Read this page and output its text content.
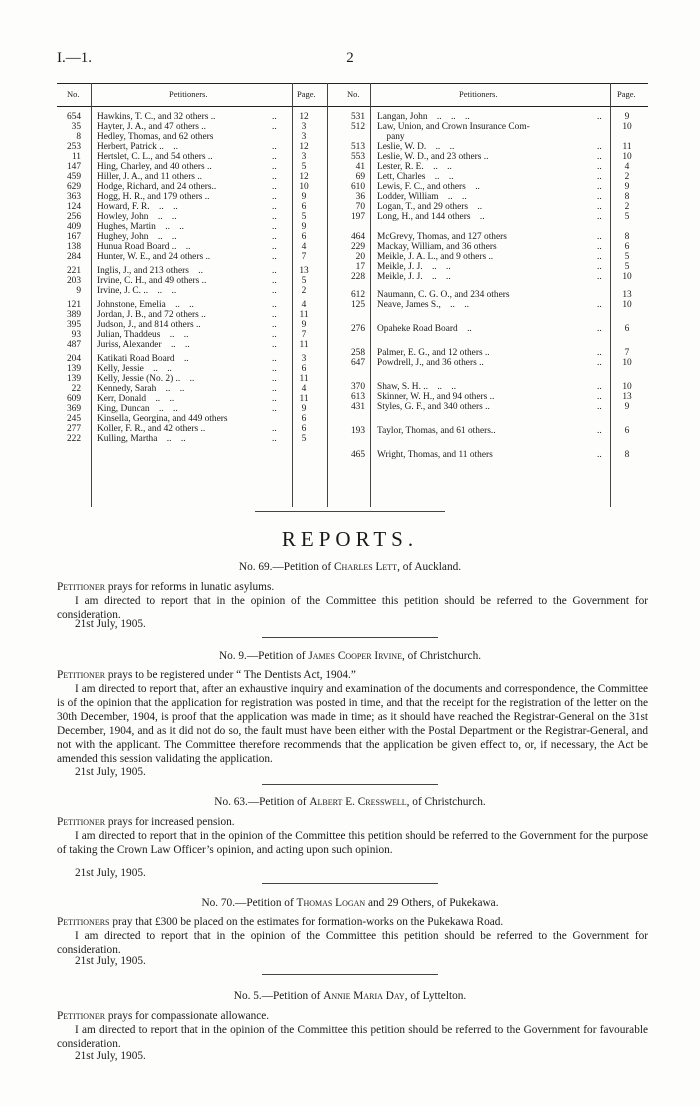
I.—1.	2
No.	Petitioners.	Page.	No.	Petitioners.	Page.
654 Hawkins, T. C., and 32 others ..	..	12
35 Hayter, J. A., and 47 others ..	..	3
8 Hedley, Thomas, and 62 others	3
253 Herbert, Patrick ..    ..	..	12
11 Hertslet, C. L., and 54 others ..	..	3
147 Hing, Charley, and 40 others ..	..	5
459 Hiller, J. A., and 11 others ..	..	12
629 Hodge, Richard, and 24 others..	..	10
363 Hogg, H. R., and 179 others ..	..	9
124 Howard, F. R.    ..    ..	..	6
256 Howley, John    ..    ..	..	5
409 Hughes, Martin    ..    ..	..	9
167 Hughey, John    ..    ..	..	6
138 Hunua Road Board ..    ..	..	4
284 Hunter, W. E., and 24 others ..	..	7
221 Inglis, J., and 213 others    ..	..	13
203 Irvine, C. H., and 49 others ..	..	5
9 Irvine, J. C. ..    ..    ..	..	2
121 Johnstone, Emelia    ..    ..	..	4
389 Jordan, J. B., and 72 others ..	..	11
395 Judson, J., and 814 others ..	..	9
93 Julian, Thaddeus    ..    ..	..	7
487 Juriss, Alexander    ..    ..	..	11
204 Katikati Road Board    ..	..	3
139 Kelly, Jessie    ..    ..	..	6
139 Kelly, Jessie (No. 2) ..    ..	..	11
22 Kennedy, Sarah    ..    ..	..	4
609 Kerr, Donald    ..    ..	..	11
369 King, Duncan    ..    ..	..	9
245 Kinsella, Georgina, and 449 others	6
277 Koller, F. R., and 42 others ..	..	6
222 Kulling, Martha    ..    ..	..	5
531 Langan, John    ..    ..    ..	..	9
512 Law, Union, and Crown Insurance Com-	10
pany
513 Leslie, W. D.    ..    ..	..	11
553 Leslie, W. D., and 23 others ..	..	10
41 Lester, R. E.    ..    ..	..	4
69 Lett, Charles    ..    ..	..	2
610 Lewis, F. C., and others    ..	..	9
36 Lodder, William    ..    ..	..	8
70 Logan, T., and 29 others    ..	..	2
197 Long, H., and 144 others    ..	..	5
464 McGrevy, Thomas, and 127 others	..	8
229 Mackay, William, and 36 others	..	6
20 Meikle, J. A. L., and 9 others ..	..	5
17 Meikle, J. J.    ..    ..	..	5
228 Meikle, J. J.    ..    ..	..	10
612 Naumann, C. G. O., and 234 others	13
125 Neave, James S.,    ..    ..	..	10
276 Opaheke Road Board    ..	..	6
258 Palmer, E. G., and 12 others ..	..	7
647 Powdrell, J., and 36 others ..	..	10
370 Shaw, S. H. ..    ..    ..	..	10
613 Skinner, W. H., and 94 others ..	..	13
431 Styles, G. F., and 340 others ..	..	9
193 Taylor, Thomas, and 61 others..	..	6
465 Wright, Thomas, and 11 others	..	8
REPORTS.
No. 69.—Petition of Charles Lett, of Auckland.
Petitioner prays for reforms in lunatic asylums.
I am directed to report that in the opinion of the Committee this petition should be referred to the Government for consideration.
21st July, 1905.
No. 9.—Petition of James Cooper Irvine, of Christchurch.
Petitioner prays to be registered under “ The Dentists Act, 1904.”
I am directed to report that, after an exhaustive inquiry and examination of the documents and correspondence, the Committee is of the opinion that the application for registration was posted in time, and that the receipt for the registration of the letter on the 30th December, 1904, is proof that the application was made in time; as it should have reached the Registrar-General on the 31st December, 1904, and as it did not do so, the fault must have been either with the Postal Department or the Registrar-General, and not with the applicant. The Committee therefore recommends that the application be given effect to, or, if necessary, the Act be amended this session validating the application.
21st July, 1905.
No. 63.—Petition of Albert E. Cresswell, of Christchurch.
Petitioner prays for increased pension.
I am directed to report that in the opinion of the Committee this petition should be referred to the Government for the purpose of taking the Crown Law Officer’s opinion, and acting upon such opinion.
21st July, 1905.
No. 70.—Petition of Thomas Logan and 29 Others, of Pukekawa.
Petitioners pray that £300 be placed on the estimates for formation-works on the Pukekawa Road.
I am directed to report that in the opinion of the Committee this petition should be referred to the Government for consideration.
21st July, 1905.
No. 5.—Petition of Annie Maria Day, of Lyttelton.
Petitioner prays for compassionate allowance.
I am directed to report that in the opinion of the Committee this petition should be referred to the Government for favourable consideration.
21st July, 1905.
